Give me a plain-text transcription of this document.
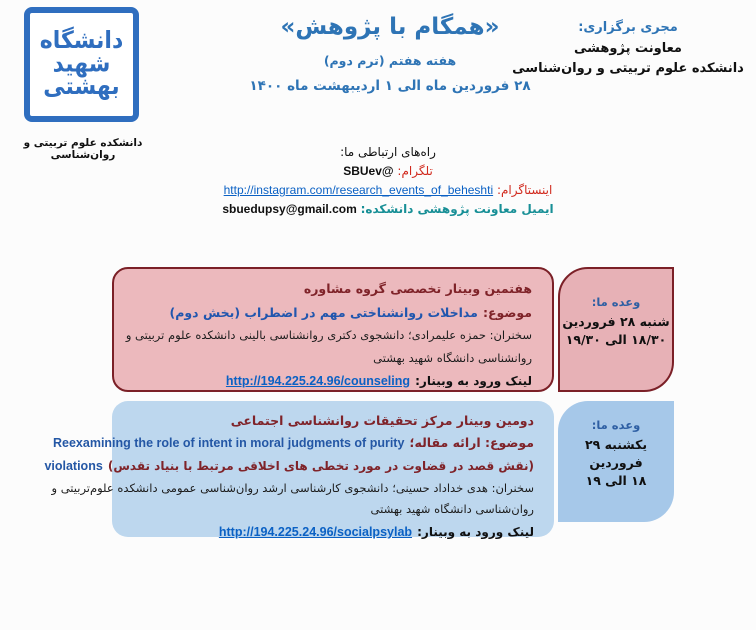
دانشگاه
شهید
بهشتی
دانشکده علوم تربیتی و روان‌شناسی
«همگام با پژوهش»
هفته هفتم (ترم دوم)
۲۸ فروردین ماه الی ۱ اردیبهشت ماه ۱۴۰۰
مجری برگزاری:
معاونت پژوهشی
دانشکده علوم تربیتی و روان‌شناسی
راه‌های ارتباطی ما:
تلگرام: @SBUev
اینستاگرام: http://instagram.com/research_events_of_beheshti
ایمیل معاونت پژوهشی دانشکده: sbuedupsy@gmail.com
هفتمین وبینار تخصصی گروه مشاوره
موضوع: مداخلات روانشناختی مهم در اضطراب (بخش دوم)
سخنران: حمزه علیمرادی؛ دانشجوی دکتری روانشناسی بالینی دانشکده علوم تربیتی و
روانشناسی دانشگاه شهید بهشتی
لینک ورود به وبینار: http://194.225.24.96/counseling
وعده ما:
شنبه ۲۸ فروردین
۱۸/۳۰ الی ۱۹/۳۰
دومین وبینار مرکز تحقیقات روانشناسی اجتماعی
موضوع: ارائه مقاله؛ Reexamining the role of intent in moral judgments of purity
(نقش قصد در قضاوت در مورد تخطی های اخلاقی مرتبط با بنیاد تقدس) violations
سخنران: هدی خداداد حسینی؛ دانشجوی کارشناسی ارشد روان‌شناسی عمومی دانشکده علوم‌تربیتی و
روان‌شناسی دانشگاه شهید بهشتی
لینک ورود به وبینار: http://194.225.24.96/socialpsylab
وعده ما:
یکشنبه ۲۹ فروردین
۱۸ الی ۱۹
